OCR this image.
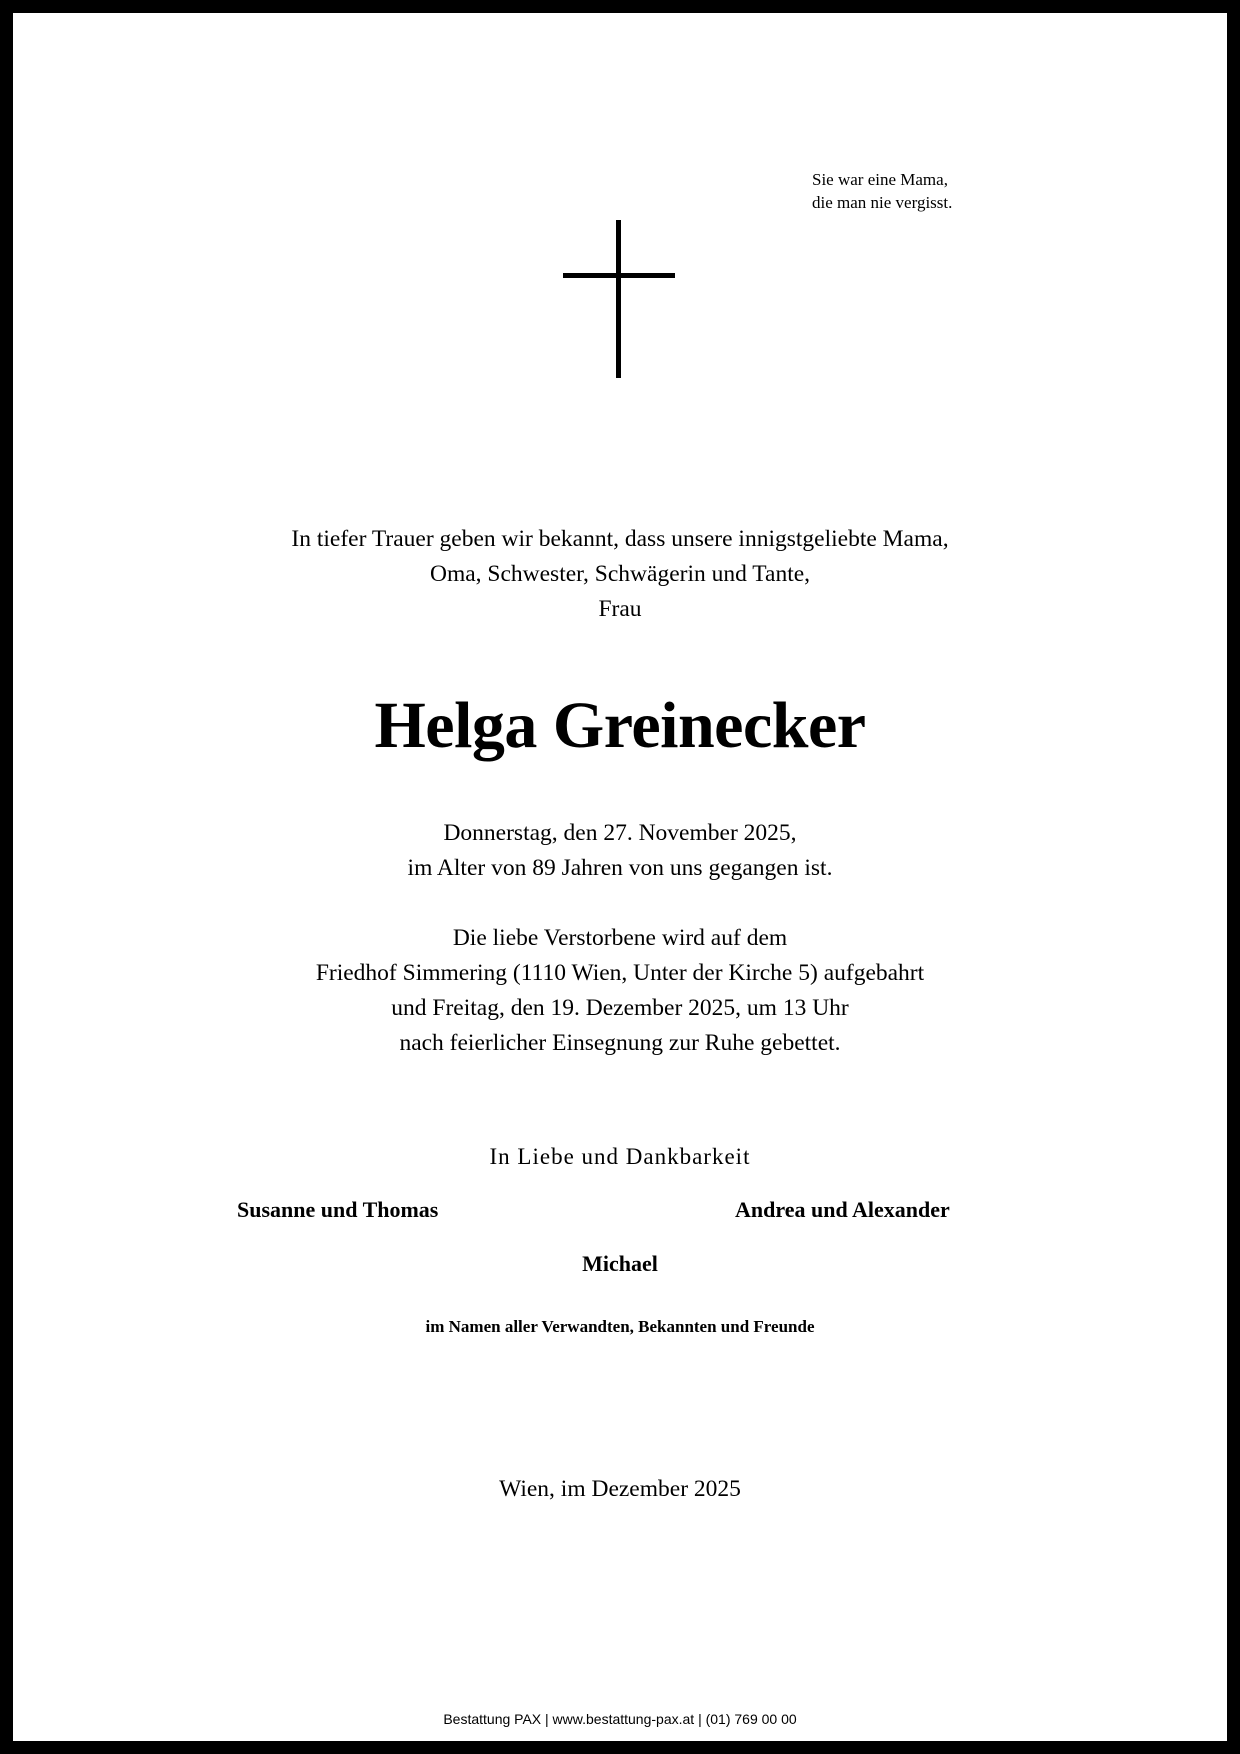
Sie war eine Mama,
die man nie vergisst.
In tiefer Trauer geben wir bekannt, dass unsere innigstgeliebte Mama,
Oma, Schwester, Schwägerin und Tante,
Frau
Helga Greinecker
Donnerstag, den 27. November 2025,
im Alter von 89 Jahren von uns gegangen ist.
Die liebe Verstorbene wird auf dem
Friedhof Simmering (1110 Wien, Unter der Kirche 5) aufgebahrt
und Freitag, den 19. Dezember 2025, um 13 Uhr
nach feierlicher Einsegnung zur Ruhe gebettet.
In Liebe und Dankbarkeit
Susanne und Thomas	Andrea und Alexander
Michael
im Namen aller Verwandten, Bekannten und Freunde
Wien, im Dezember 2025
Bestattung PAX | www.bestattung-pax.at | (01) 769 00 00
